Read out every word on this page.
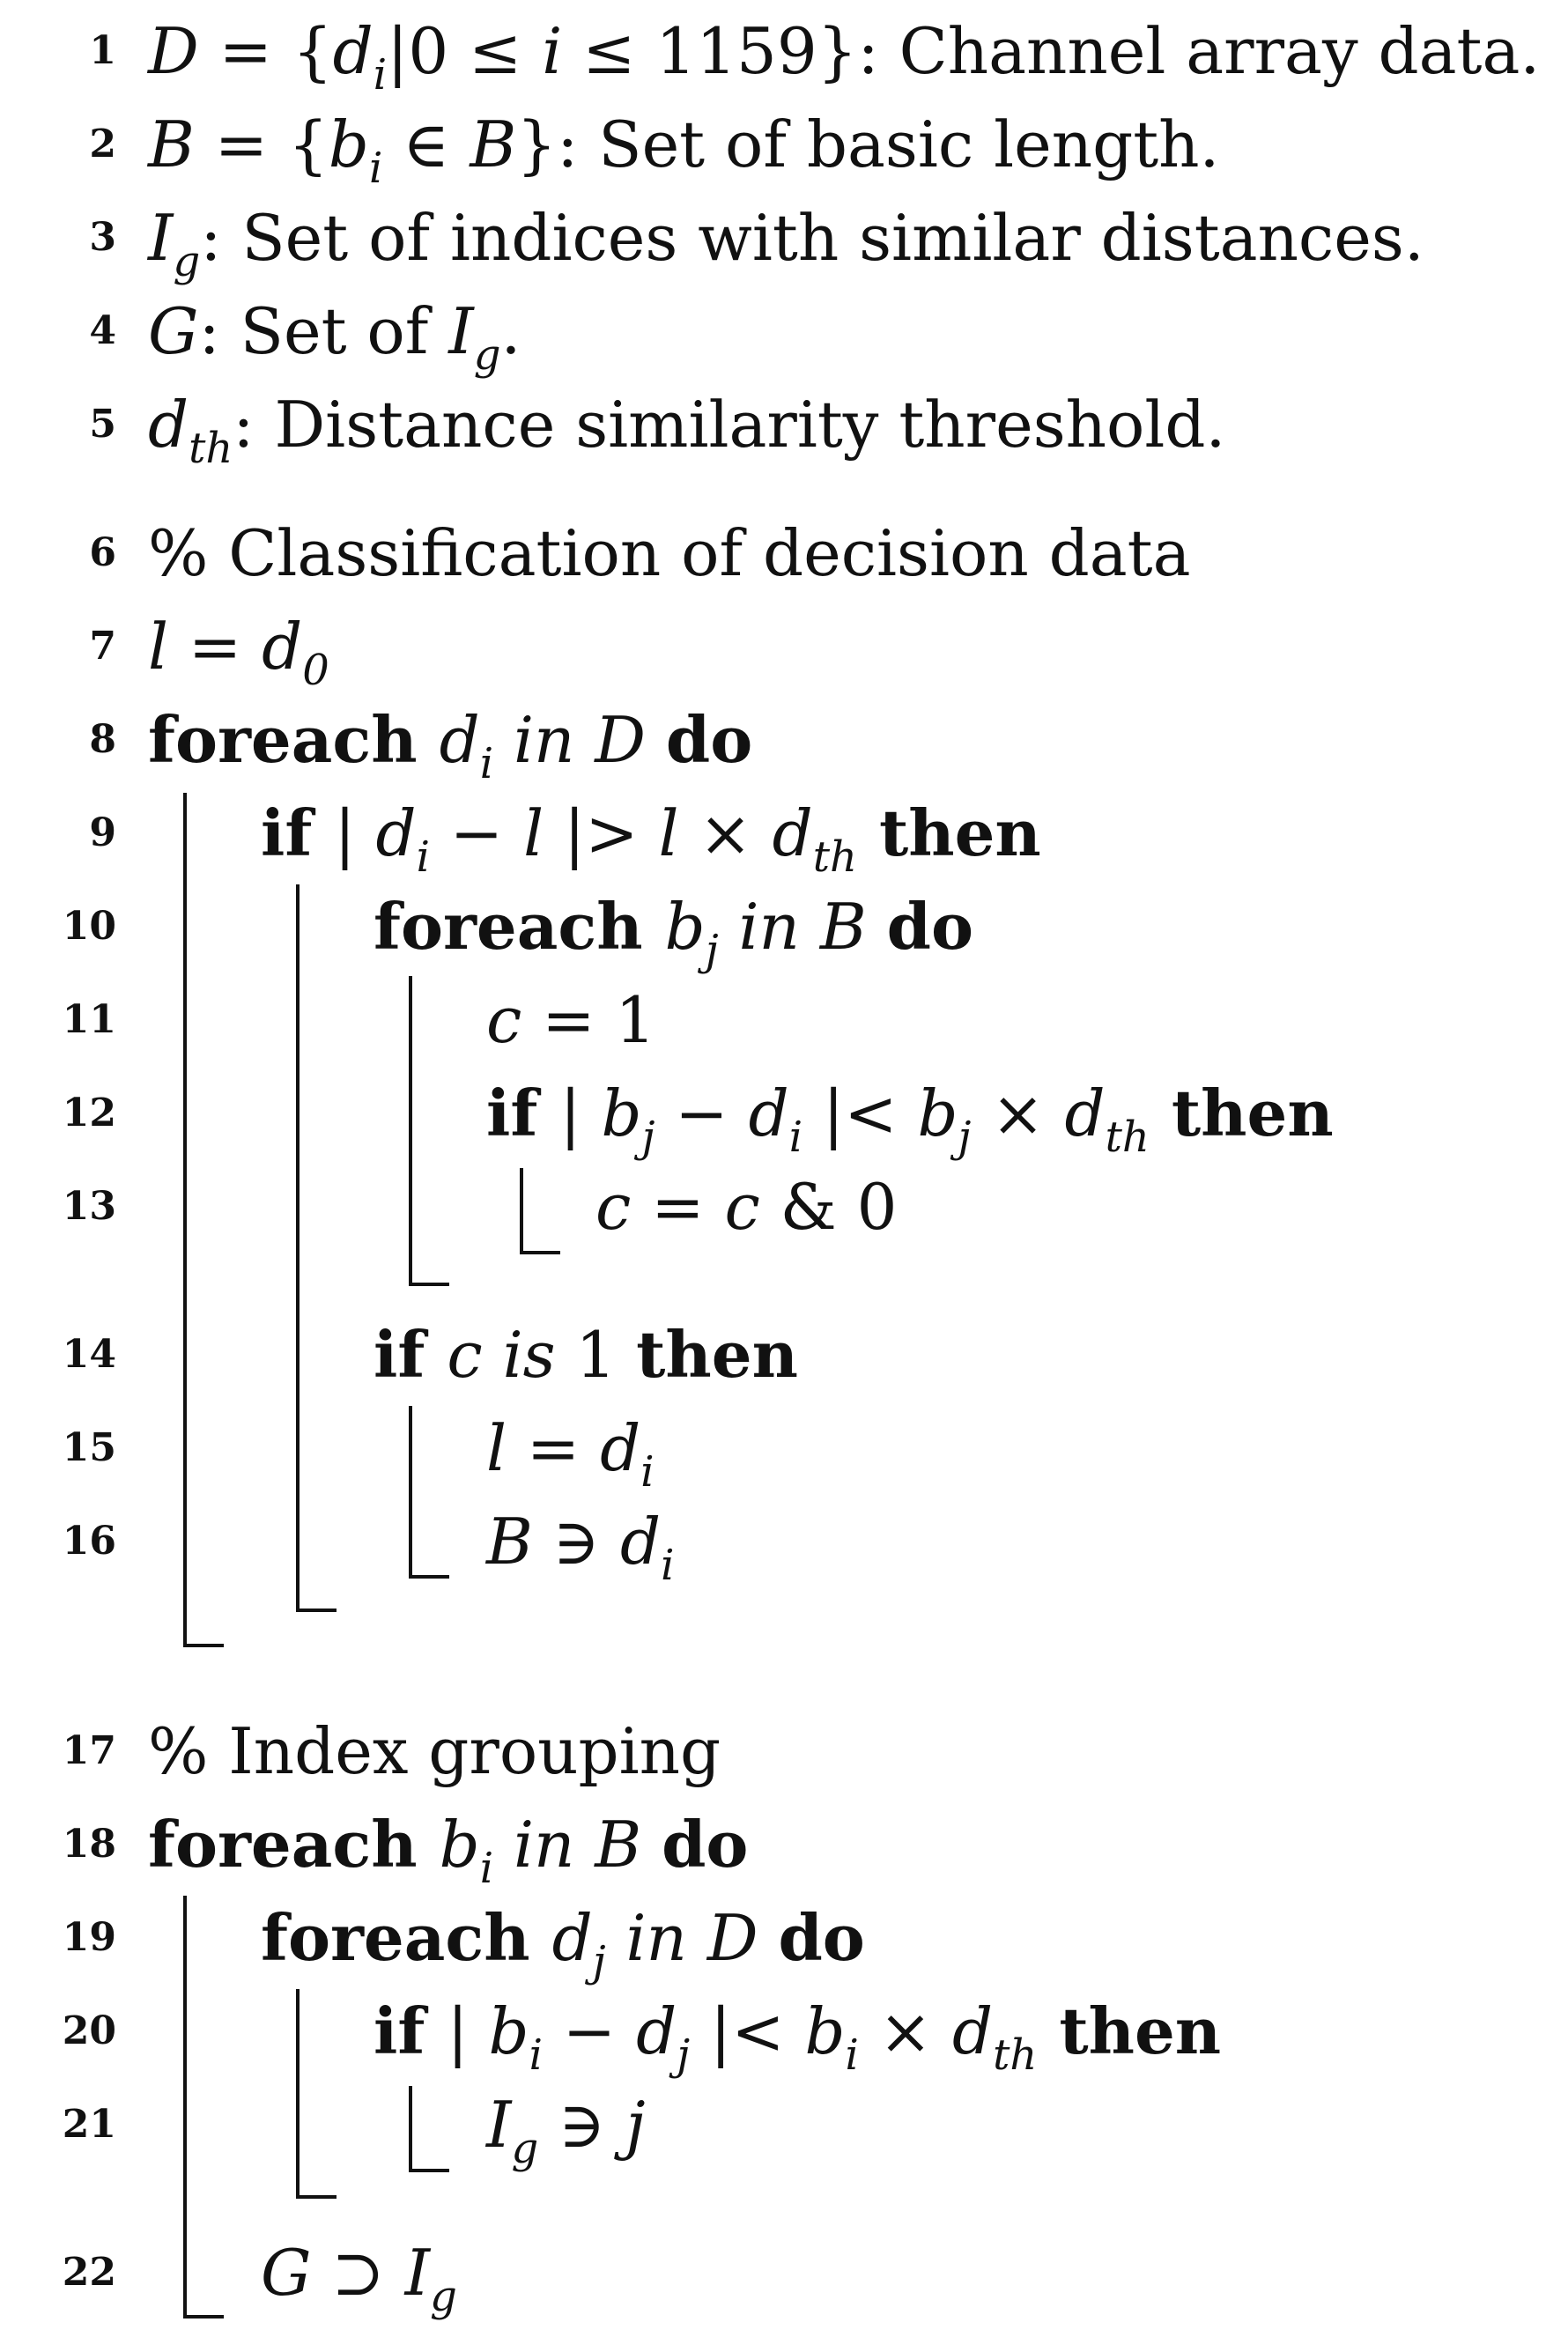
1 $D = \{d_i|0 \le i \le 1159\}$: Channel array data.
2 $B = \{b_i$ ∈ B}: Set of basic length.
3 $I_g$: Set of indices with similar distances.
4 G: Set of $I_g$.
5 $d_{th}$: Distance similarity threshold.
6 % Classification of decision data
7 $l = d_0$
8 foreach $d_i$ in D do
9 if | $d_i - l$ |> $l \times d_{th}$ then
10	foreach $b_j$ in B do
11	c = 1
12	if | $b_j - d_i$ |< $b_j \times d_{th}$ then
13	c = c & 0
14	if c is 1 then
15	$l = d_i$
16	B ∋ $d_i$
17 % Index grouping
18 foreach $b_i$ in B do
19 foreach $d_j$ in D do
20	if | $b_i - d_j$ |< $b_i \times d_{th}$ then
21	$I_g$ ∋ j
22 G ⊃ $I_g$
